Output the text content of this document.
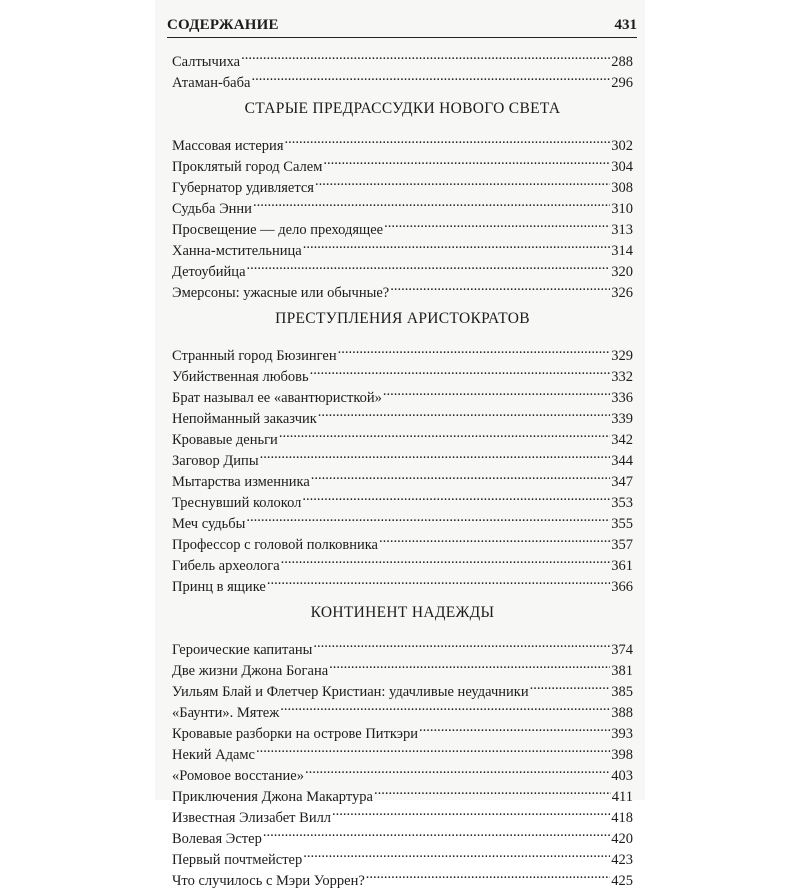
СОДЕРЖАНИЕ	431
Салтычиха .....	288
Атаман-баба .....	296
СТАРЫЕ ПРЕДРАССУДКИ НОВОГО СВЕТА
Массовая истерия .....	302
Проклятый город Салем .....	304
Губернатор удивляется .....	308
Судьба Энни .....	310
Просвещение — дело преходящее .....	313
Ханна-мстительница .....	314
Детоубийца .....	320
Эмерсоны: ужасные или обычные? .....	326
ПРЕСТУПЛЕНИЯ АРИСТОКРАТОВ
Странный город Бюзинген .....	329
Убийственная любовь .....	332
Брат называл ее «авантюристкой» .....	336
Непойманный заказчик .....	339
Кровавые деньги .....	342
Заговор Дипы .....	344
Мытарства изменника .....	347
Треснувший колокол .....	353
Меч судьбы .....	355
Профессор с головой полковника .....	357
Гибель археолога .....	361
Принц в ящике .....	366
КОНТИНЕНТ НАДЕЖДЫ
Героические капитаны .....	374
Две жизни Джона Богана .....	381
Уильям Блай и Флетчер Кристиан: удачливые неудачники .....	385
«Баунти». Мятеж .....	388
Кровавые разборки на острове Питкэри .....	393
Некий Адамс .....	398
«Ромовое восстание» .....	403
Приключения Джона Макартура .....	411
Известная Элизабет Вилл .....	418
Волевая Эстер .....	420
Первый почтмейстер .....	423
Что случилось с Мэри Уоррен? .....	425
